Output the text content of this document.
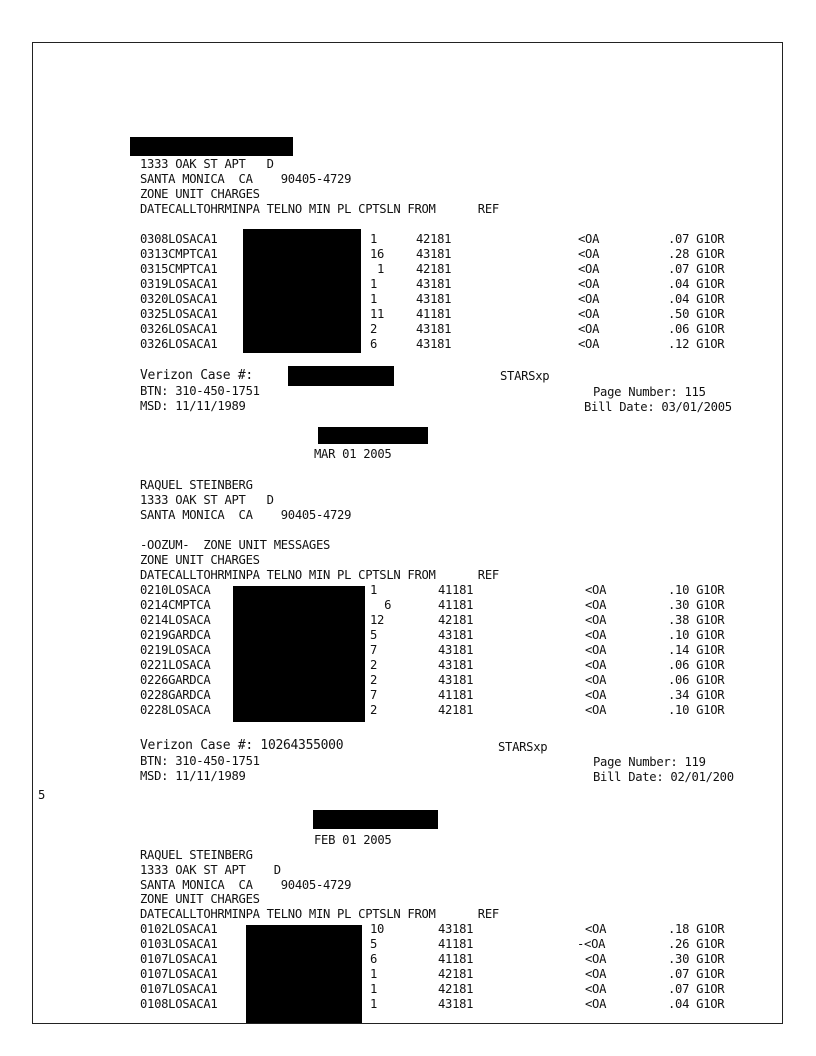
1333 OAK ST APT   D
SANTA MONICA  CA    90405-4729
ZONE UNIT CHARGES
DATECALLTOHRMINPA TELNO MIN PL CPTSLN FROM      REF
0308LOSACA1	1	42181	<OA	.07 G1OR
0313CMPTCA1	16	43181	<OA	.28 G1OR
0315CMPTCA1	1	42181	<OA	.07 G1OR
0319LOSACA1	1	43181	<OA	.04 G1OR
0320LOSACA1	1	43181	<OA	.04 G1OR
0325LOSACA1	11	41181	<OA	.50 G1OR
0326LOSACA1	2	43181	<OA	.06 G1OR
0326LOSACA1	6	43181	<OA	.12 G1OR
Verizon Case #:	STARSxp
BTN: 310-450-1751	Page Number: 115
MSD: 11/11/1989	Bill Date: 03/01/2005
MAR 01 2005
RAQUEL STEINBERG
1333 OAK ST APT   D
SANTA MONICA  CA    90405-4729
-OOZUM-  ZONE UNIT MESSAGES
ZONE UNIT CHARGES
DATECALLTOHRMINPA TELNO MIN PL CPTSLN FROM      REF
0210LOSACA	1	41181	<OA	.10 G1OR
0214CMPTCA	6	41181	<OA	.30 G1OR
0214LOSACA	12	42181	<OA	.38 G1OR
0219GARDCA	5	43181	<OA	.10 G1OR
0219LOSACA	7	43181	<OA	.14 G1OR
0221LOSACA	2	43181	<OA	.06 G1OR
0226GARDCA	2	43181	<OA	.06 G1OR
0228GARDCA	7	41181	<OA	.34 G1OR
0228LOSACA	2	42181	<OA	.10 G1OR
Verizon Case #: 10264355000	STARSxp
BTN: 310-450-1751	Page Number: 119
MSD: 11/11/1989	Bill Date: 02/01/200
5
FEB 01 2005
RAQUEL STEINBERG
1333 OAK ST APT    D
SANTA MONICA  CA    90405-4729
ZONE UNIT CHARGES
DATECALLTOHRMINPA TELNO MIN PL CPTSLN FROM      REF
0102LOSACA1	10	43181	<OA	.18 G1OR
0103LOSACA1	5	41181	-<OA	.26 G1OR
0107LOSACA1	6	41181	<OA	.30 G1OR
0107LOSACA1	1	42181	<OA	.07 G1OR
0107LOSACA1	1	42181	<OA	.07 G1OR
0108LOSACA1	1	43181	<OA	.04 G1OR
